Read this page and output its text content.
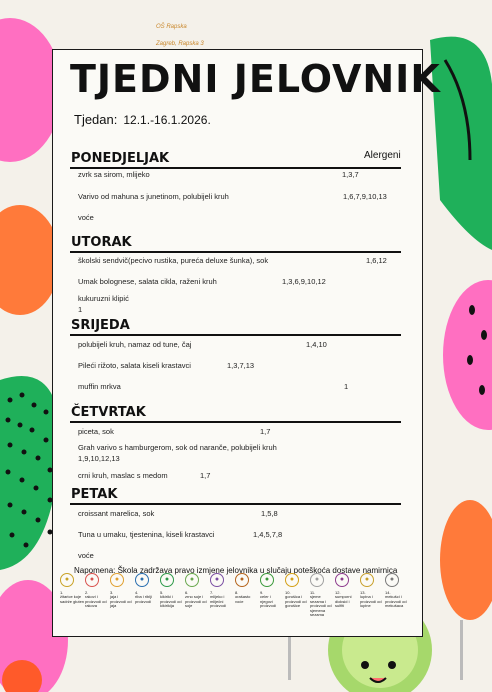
OŠ Rapska
Zagreb, Rapska 3
TJEDNI JELOVNIK
Tjedan: 12.1.-16.1.2026.
Alergeni
PONEDJELJAK
zvrk sa sirom, mlijeko	1,3,7
Varivo od mahuna s junetinom, polubijeli kruh	1,6,7,9,10,13
voće
UTORAK
školski sendvič(pecivo rustika, pureća deluxe šunka), sok	1,6,12
Umak bolognese, salata cikla, raženi kruh	1,3,6,9,10,12
kukuruzni klipić
1
SRIJEDA
polubijeli kruh, namaz od tune, čaj	1,4,10
Pileći rižoto, salata kiseli krastavci	1,3,7,13
muffin mrkva	1
ČETVRTAK
piceta, sok	1,7
Grah varivo s hamburgerom, sok od naranče, polubijeli kruh
1,9,10,12,13
crni kruh, maslac s medom	1,7
PETAK
croissant marelica, sok	1,5,8
Tuna u umaku, tjestenina, kiseli krastavci	1,4,5,7,8
voće
Napomena: Škola zadržava pravo izmjene jelovnika u slučaju poteškoća dostave namirnica
●
1.
žitarice koje sadrže gluten
●
2.
rakovi i proizvodi od rakova
●
3.
jaja i proizvodi od jaja
●
4.
riba i riblji proizvodi
●
5.
kikiriki i proizvodi od kikirikija
●
6.
zrno soje i proizvodi od soje
●
7.
mlijeko i mliječni proizvodi
●
8.
orašasto voće
●
9.
celer i njegovi proizvodi
●
10.
gorušica i proizvodi od gorušice
●
11.
sjeme sezama i proizvodi od sjemena sezama
●
12.
sumporni dioksid i sulfiti
●
13.
lupina i proizvodi od lupine
●
14.
mekušci i proizvodi od mekušaca
